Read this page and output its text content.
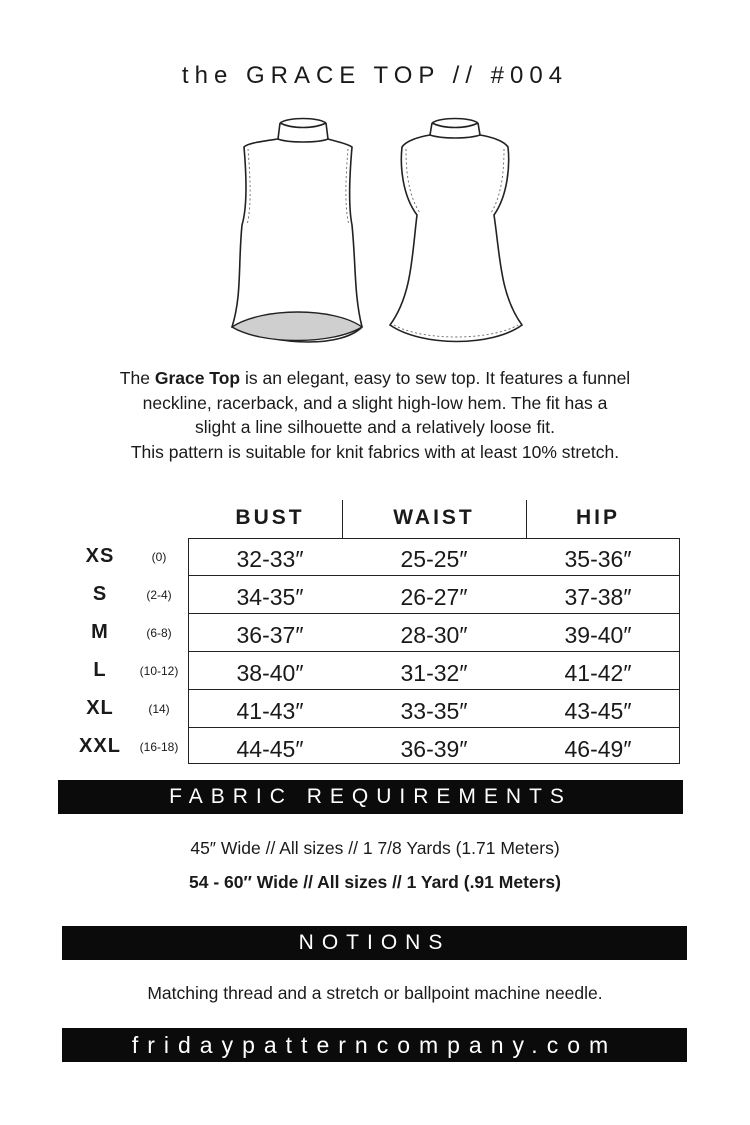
the GRACE TOP // #004
The Grace Top is an elegant, easy to sew top. It features a funnel
neckline, racerback, and a slight high-low hem. The fit has a
slight a line silhouette and a relatively loose fit.
This pattern is suitable for knit fabrics with at least 10% stretch.
BUST	WAIST	HIP
XS	(0)	32-33″	25-25″	35-36″
S	(2-4)	34-35″	26-27″	37-38″
M	(6-8)	36-37″	28-30″	39-40″
L	(10-12)	38-40″	31-32″	41-42″
XL	(14)	41-43″	33-35″	43-45″
XXL	(16-18)	44-45″	36-39″	46-49″
FABRIC REQUIREMENTS
45″ Wide // All sizes // 1 7/8 Yards (1.71 Meters)
54 - 60″ Wide // All sizes // 1 Yard (.91 Meters)
NOTIONS
Matching thread and a stretch or ballpoint machine needle.
fridaypatterncompany.com
